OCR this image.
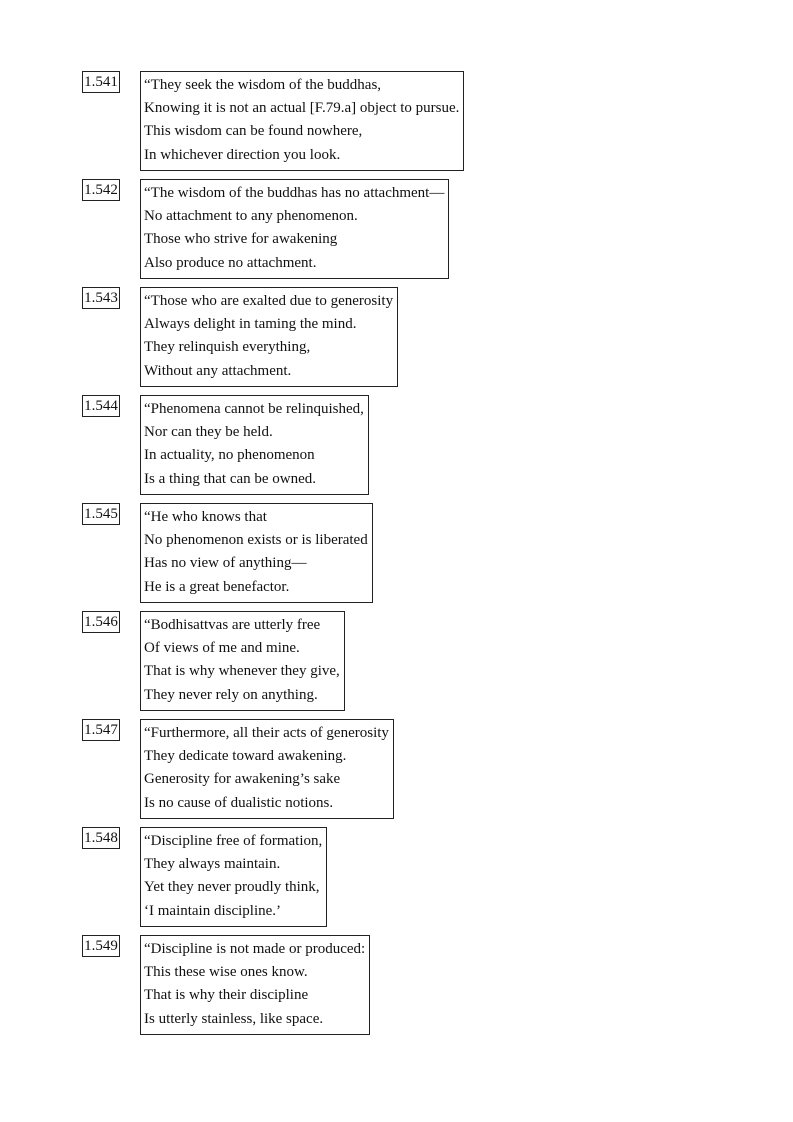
1.541 “They seek the wisdom of the buddhas,
Knowing it is not an actual [F.79.a] object to pursue.
This wisdom can be found nowhere,
In whichever direction you look.
1.542 “The wisdom of the buddhas has no attachment—
No attachment to any phenomenon.
Those who strive for awakening
Also produce no attachment.
1.543 “Those who are exalted due to generosity
Always delight in taming the mind.
They relinquish everything,
Without any attachment.
1.544 “Phenomena cannot be relinquished,
Nor can they be held.
In actuality, no phenomenon
Is a thing that can be owned.
1.545 “He who knows that
No phenomenon exists or is liberated
Has no view of anything—
He is a great benefactor.
1.546 “Bodhisattvas are utterly free
Of views of me and mine.
That is why whenever they give,
They never rely on anything.
1.547 “Furthermore, all their acts of generosity
They dedicate toward awakening.
Generosity for awakening’s sake
Is no cause of dualistic notions.
1.548 “Discipline free of formation,
They always maintain.
Yet they never proudly think,
‘I maintain discipline.’
1.549 “Discipline is not made or produced:
This these wise ones know.
That is why their discipline
Is utterly stainless, like space.
